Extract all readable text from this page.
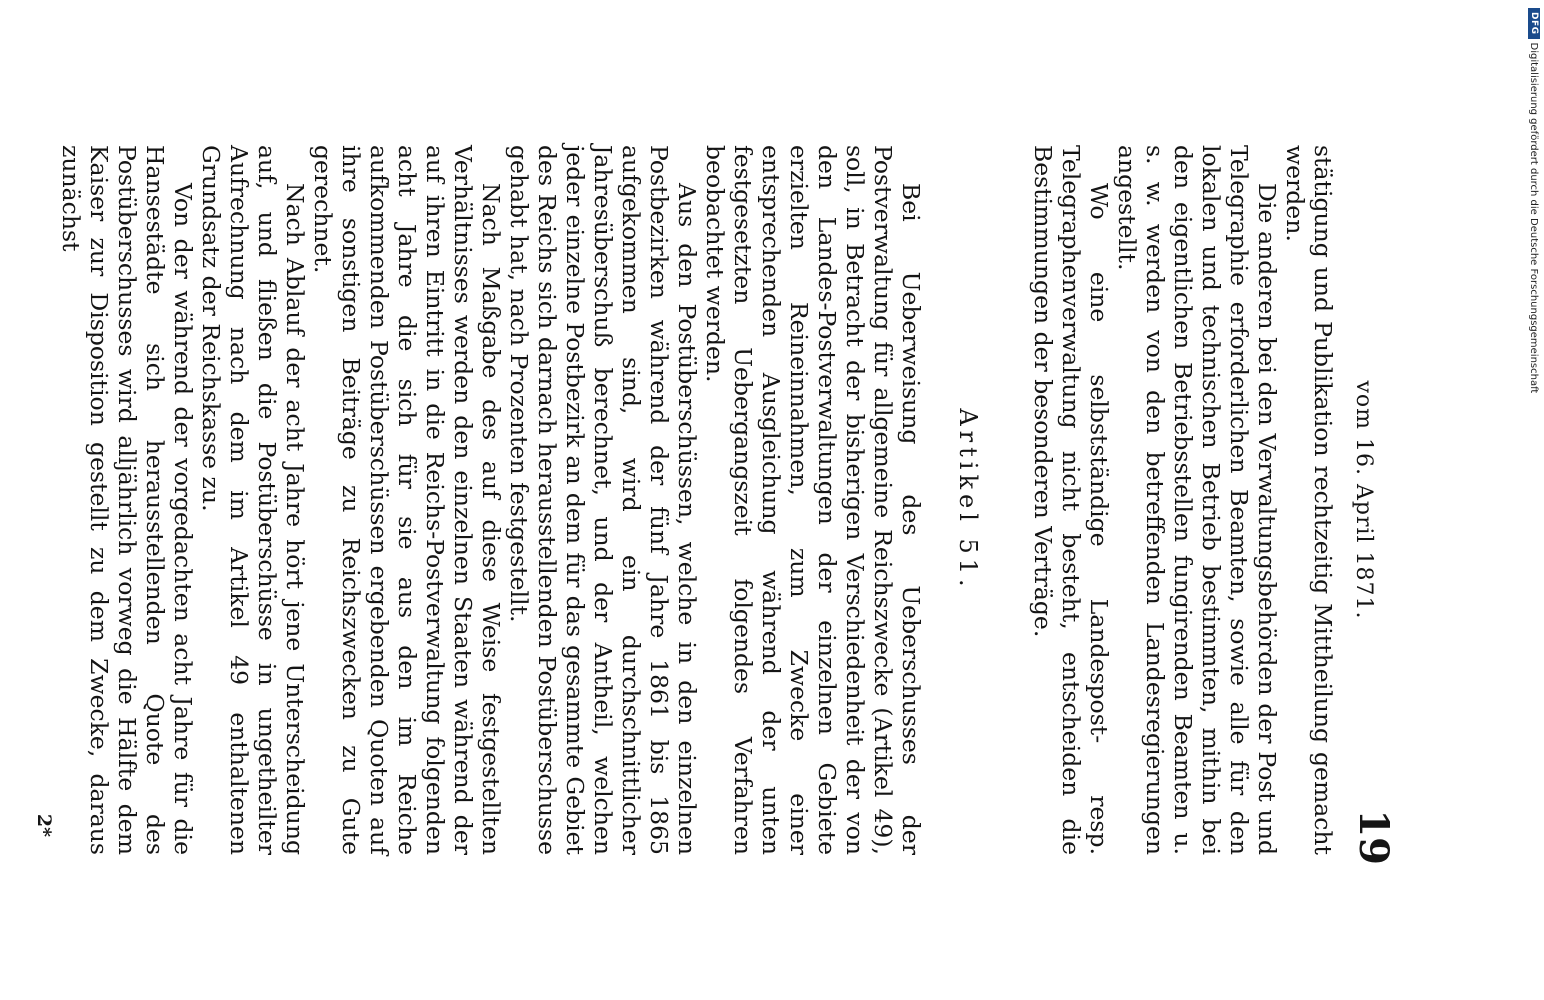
vom 16. April 1871.
19

stätigung und Publikation rechtzeitig Mittheilung gemacht werden.

Die anderen bei den Verwaltungsbehörden der Post und Telegraphie erforderlichen Beamten, sowie alle für den lokalen und technischen Betrieb bestimmten, mithin bei den eigentlichen Betriebsstellen fungirenden Beamten u. s. w. werden von den betreffenden Landesregierungen angestellt.

Wo eine selbstständige Landespost- resp. Telegraphenverwaltung nicht besteht, entscheiden die Bestimmungen der besonderen Verträge.

Artikel 51.

Bei Ueberweisung des Ueberschusses der Postverwaltung für allgemeine Reichszwecke (Artikel 49), soll, in Betracht der bisherigen Verschiedenheit der von den Landes-Postverwaltungen der einzelnen Gebiete erzielten Reineinnahmen, zum Zwecke einer entsprechenden Ausgleichung während der unten festgesetzten Uebergangszeit folgendes Verfahren beobachtet werden.

Aus den Postüberschüssen, welche in den einzelnen Postbezirken während der fünf Jahre 1861 bis 1865 aufgekommen sind, wird ein durchschnittlicher Jahresüberschuß berechnet, und der Antheil, welchen jeder einzelne Postbezirk an dem für das gesammte Gebiet des Reichs sich darnach herausstellenden Postüberschusse gehabt hat, nach Prozenten festgestellt.

Nach Maßgabe des auf diese Weise festgestellten Verhältnisses werden den einzelnen Staaten während der auf ihren Eintritt in die Reichs-Postverwaltung folgenden acht Jahre die sich für sie aus den im Reiche aufkommenden Postüberschüssen ergebenden Quoten auf ihre sonstigen Beiträge zu Reichszwecken zu Gute gerechnet.

Nach Ablauf der acht Jahre hört jene Unterscheidung auf, und fließen die Postüberschüsse in ungetheilter Aufrechnung nach dem im Artikel 49 enthaltenen Grundsatz der Reichskasse zu.

Von der während der vorgedachten acht Jahre für die Hansestädte sich herausstellenden Quote des Postüberschusses wird alljährlich vorweg die Hälfte dem Kaiser zur Disposition gestellt zu dem Zwecke, daraus zunächst

2*
DFG
Digitalisierung gefördert durch die Deutsche Forschungsgemeinschaft
